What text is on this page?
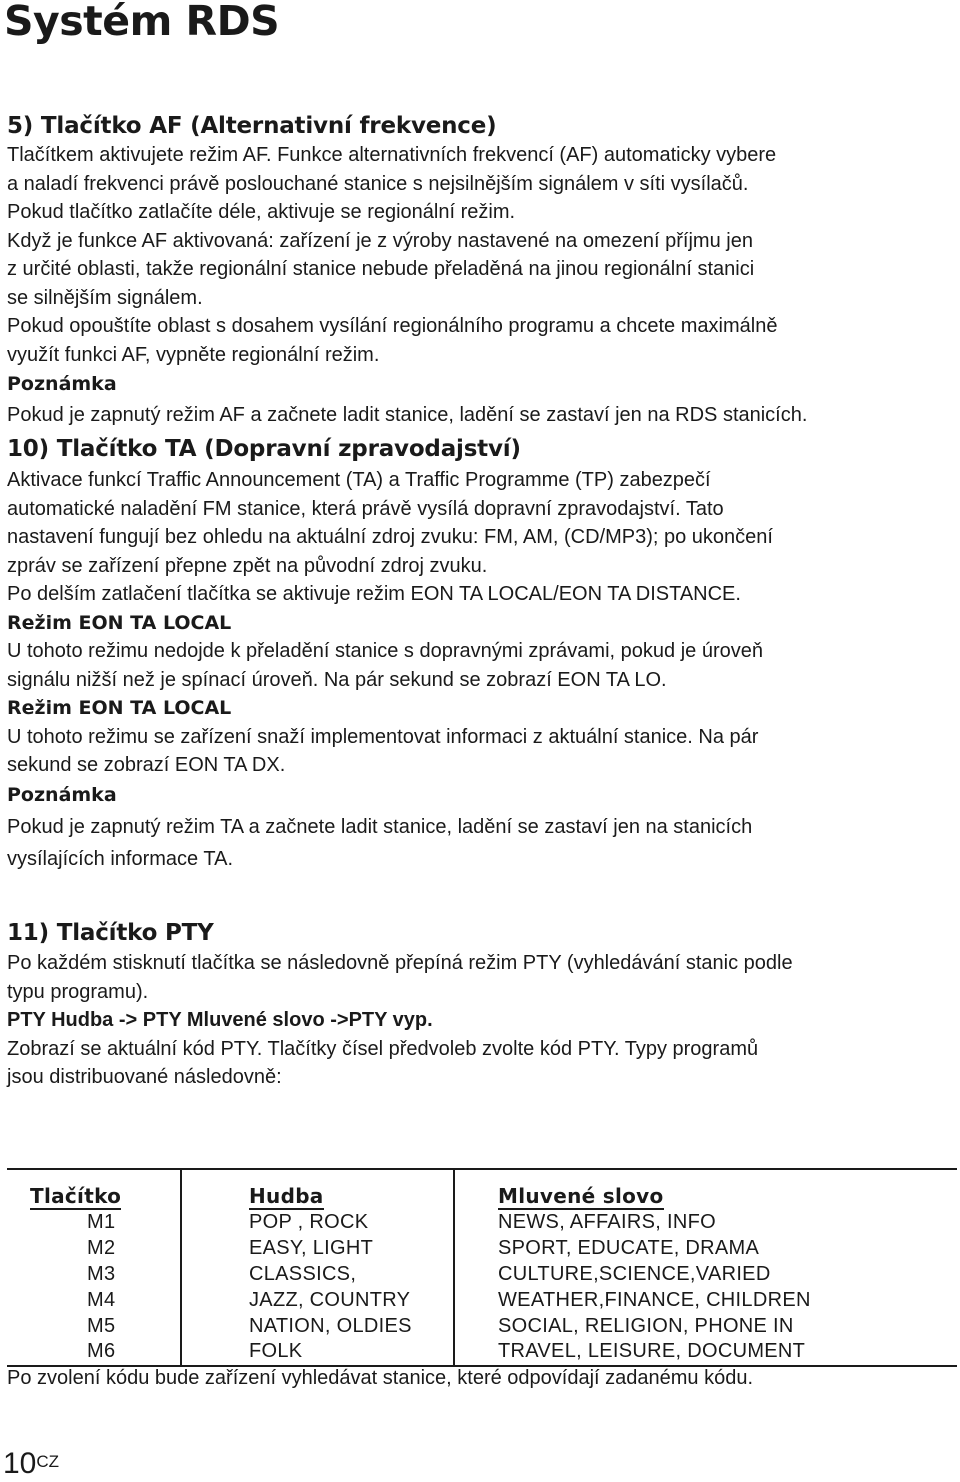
Systém RDS
5) Tlačítko AF (Alternativní frekvence)

Tlačítkem aktivujete režim AF. Funkce alternativních frekvencí (AF) automaticky vybere

a naladí frekvenci právě poslouchané stanice s nejsilnějším signálem v síti vysílačů.

Pokud tlačítko zatlačíte déle, aktivuje se regionální režim.

Když je funkce AF aktivovaná: zařízení je z výroby nastavené na omezení příjmu jen

z určité oblasti, takže regionální stanice nebude přeladěná na jinou regionální stanici

se silnějším signálem.

Pokud opouštíte oblast s dosahem vysílání regionálního programu a chcete maximálně

využít funkci AF, vypněte regionální režim.

Poznámka

Pokud je zapnutý režim AF a začnete ladit stanice, ladění se zastaví jen na RDS stanicích.

10) Tlačítko TA (Dopravní zpravodajství)

Aktivace funkcí Traffic Announcement (TA) a Traffic Programme (TP) zabezpečí

automatické naladění FM stanice, která právě vysílá dopravní zpravodajství. Tato

nastavení fungují bez ohledu na aktuální zdroj zvuku: FM, AM, (CD/MP3); po ukončení

zpráv se zařízení přepne zpět na původní zdroj zvuku.

Po delším zatlačení tlačítka se aktivuje režim EON TA LOCAL/EON TA DISTANCE.

Režim EON TA LOCAL

U tohoto režimu nedojde k přeladění stanice s dopravnými zprávami, pokud je úroveň

signálu nižší než je spínací úroveň. Na pár sekund se zobrazí EON TA LO.

Režim EON TA LOCAL

U tohoto režimu se zařízení snaží implementovat informaci z aktuální stanice. Na pár

sekund se zobrazí EON TA DX.

Poznámka

Pokud je zapnutý režim TA a začnete ladit stanice, ladění se zastaví jen na stanicích

vysílajících informace TA.

11) Tlačítko PTY

Po každém stisknutí tlačítka se následovně přepíná režim PTY (vyhledávání stanic podle

typu programu).

PTY Hudba -> PTY Mluvené slovo ->PTY vyp.

Zobrazí se aktuální kód PTY. Tlačítky čísel předvoleb zvolte kód PTY. Typy programů

jsou distribuované následovně:

Tlačítko	Hudba	Mluvené slovo
M1	POP , ROCK	NEWS, AFFAIRS, INFO
M2	EASY, LIGHT	SPORT, EDUCATE, DRAMA
M3	CLASSICS,	CULTURE,SCIENCE,VARIED
M4	JAZZ, COUNTRY	WEATHER,FINANCE, CHILDREN
M5	NATION, OLDIES	SOCIAL, RELIGION, PHONE IN
M6	FOLK	TRAVEL, LEISURE, DOCUMENT

Po zvolení kódu bude zařízení vyhledávat stanice, které odpovídají zadanému kódu.

$10^{CZ}$
